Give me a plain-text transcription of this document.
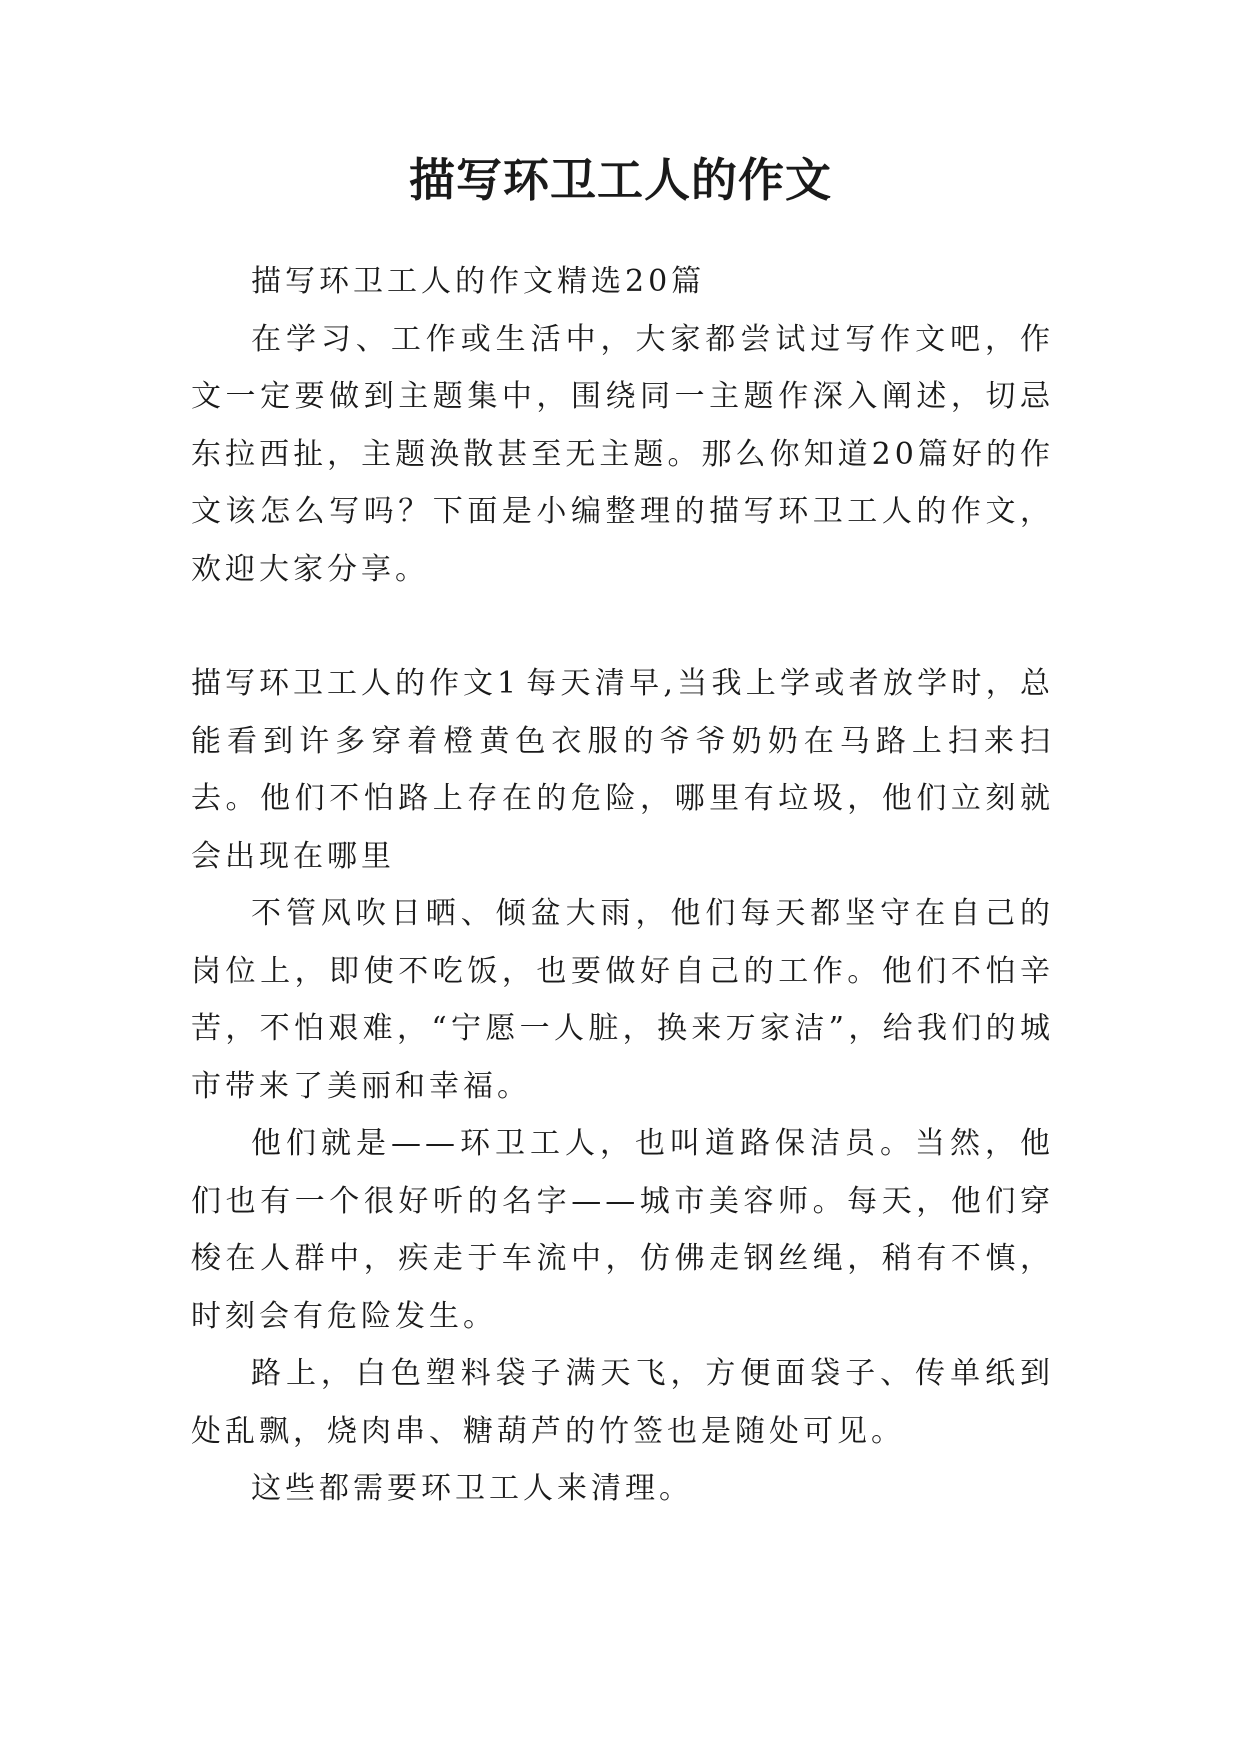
描写环卫工人的作文

描写环卫工人的作文精选20篇

在学习、工作或生活中，大家都尝试过写作文吧，作文一定要做到主题集中，围绕同一主题作深入阐述，切忌东拉西扯，主题涣散甚至无主题。那么你知道20篇好的作文该怎么写吗？下面是小编整理的描写环卫工人的作文，欢迎大家分享。

描写环卫工人的作文1 每天清早,当我上学或者放学时，总能看到许多穿着橙黄色衣服的爷爷奶奶在马路上扫来扫去。他们不怕路上存在的危险，哪里有垃圾，他们立刻就会出现在哪里

不管风吹日晒、倾盆大雨，他们每天都坚守在自己的岗位上，即使不吃饭，也要做好自己的工作。他们不怕辛苦，不怕艰难，“宁愿一人脏，换来万家洁”，给我们的城市带来了美丽和幸福。

他们就是——环卫工人，也叫道路保洁员。当然，他们也有一个很好听的名字——城市美容师。每天，他们穿梭在人群中，疾走于车流中，仿佛走钢丝绳，稍有不慎，时刻会有危险发生。

路上，白色塑料袋子满天飞，方便面袋子、传单纸到处乱飘，烧肉串、糖葫芦的竹签也是随处可见。

这些都需要环卫工人来清理。
